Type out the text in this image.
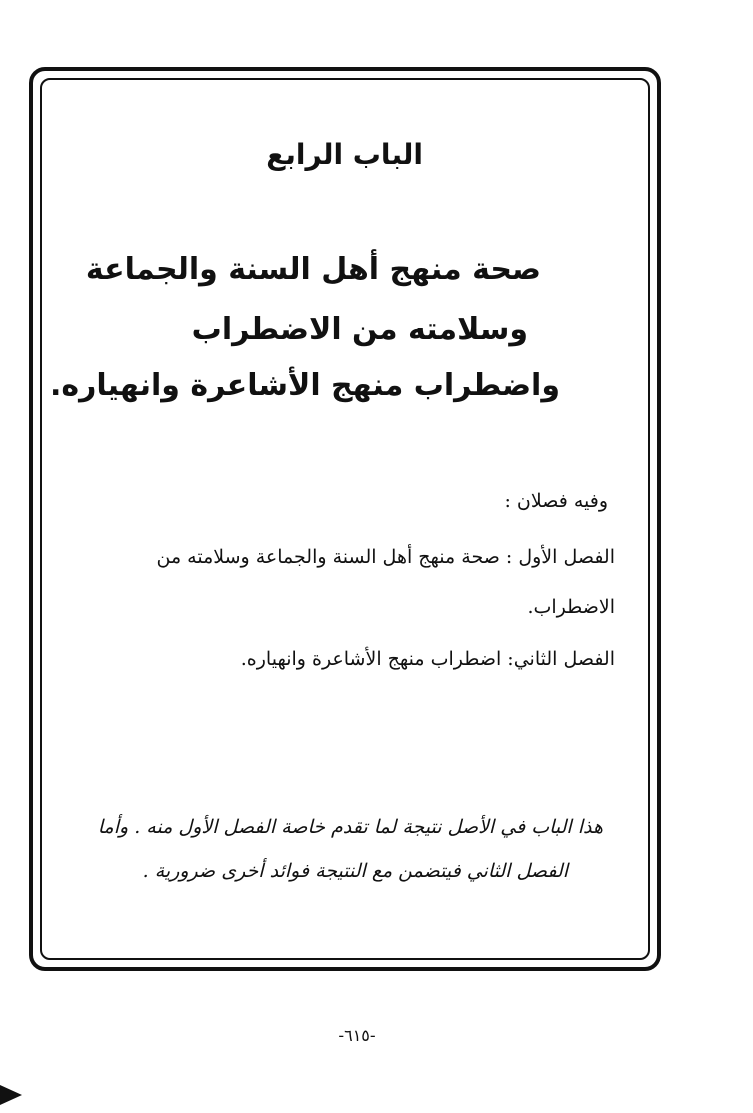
الباب الرابع

صحة منهج أهل السنة والجماعة

وسلامته من الاضطراب

واضطراب منهج الأشاعرة وانهياره.

وفيه فصلان :

الفصل الأول : صحة منهج أهل السنة والجماعة وسلامته من

الاضطراب.

الفصل الثاني: اضطراب منهج الأشاعرة وانهياره.

هذا الباب في الأصل نتيجة لما تقدم خاصة الفصل الأول منه . وأما

الفصل الثاني فيتضمن مع النتيجة فوائد أخرى ضرورية .

-٦١٥-
